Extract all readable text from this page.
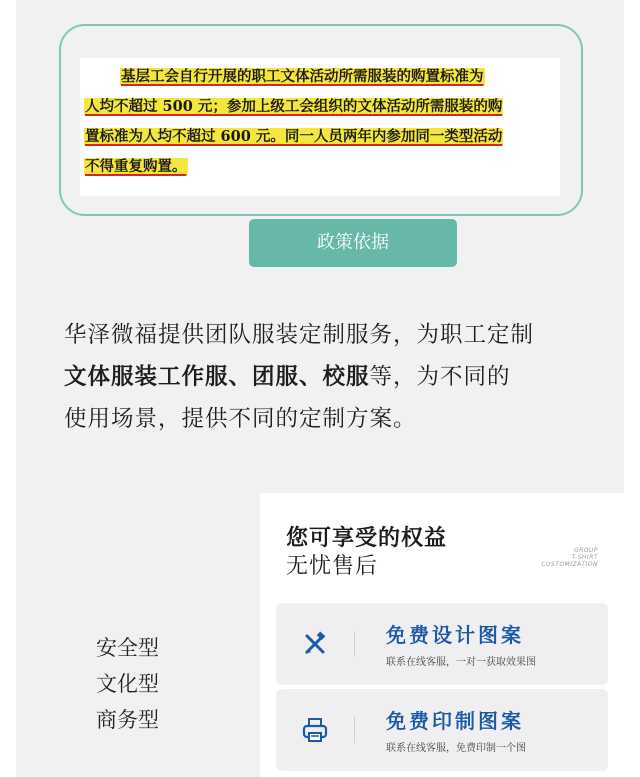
基层工会自行开展的职工文体活动所需服装的购置标准为
人均不超过 500 元；参加上级工会组织的文体活动所需服装的购
置标准为人均不超过 600 元。同一人员两年内参加同一类型活动
不得重复购置。
政策依据

华泽微福提供团队服装定制服务，为职工定制

文体服装工作服、团服、校服等，为不同的

使用场景，提供不同的定制方案。

安全型
文化型
商务型
您可享受的权益
无忧售后
GROUP
T-SHIRT
CUSTOMIZATION
免费设计图案
联系在线客服，一对一获取效果图
免费印制图案
联系在线客服，免费印制一个图
